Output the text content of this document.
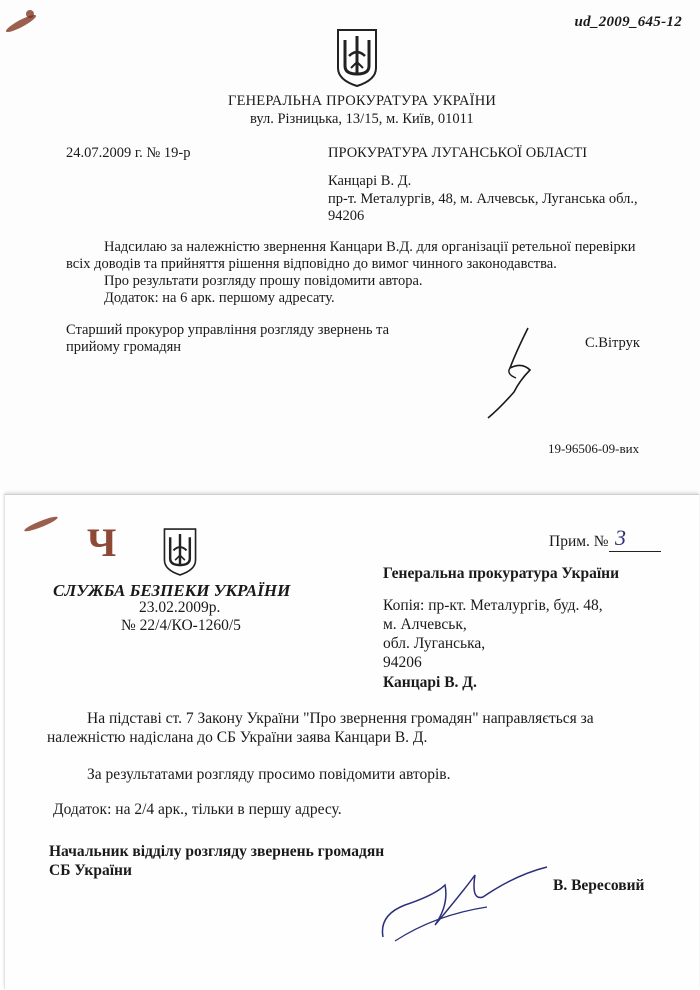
ud_2009_645-12
ГЕНЕРАЛЬНА ПРОКУРАТУРА УКРАЇНИ
вул. Різницька, 13/15, м. Київ, 01011
24.07.2009 г. № 19-р	ПРОКУРАТУРА ЛУГАНСЬКОЇ ОБЛАСТІ
Канцарі В. Д.
пр-т. Металургів, 48, м. Алчевськ, Луганська обл.,
94206
Надсилаю за належністю звернення Канцари В.Д. для організації ретельної перевірки
всіх доводів та прийняття рішення відповідно до вимог чинного законодавства.
Про результати розгляду прошу повідомити автора.
Додаток: на 6 арк. першому адресату.
Старший прокурор управління розгляду звернень та
прийому громадян	С.Вітрук
19-96506-09-вих
Ч	Прим. № 3
СЛУЖБА БЕЗПЕКИ УКРАЇНИ
23.02.2009р.
№ 22/4/КО-1260/5
Генеральна прокуратура України
Копія: пр-кт. Металургів, буд. 48,
м. Алчевськ,
обл. Луганська,
94206
Канцарі В. Д.
На підставі ст. 7 Закону України "Про звернення громадян" направляється за
належністю надіслана до СБ України заява Канцари В. Д.
За результатами розгляду просимо повідомити авторів.
Додаток: на 2/4 арк., тільки в першу адресу.
Начальник відділу розгляду звернень громадян
СБ України
В. Вересовий
